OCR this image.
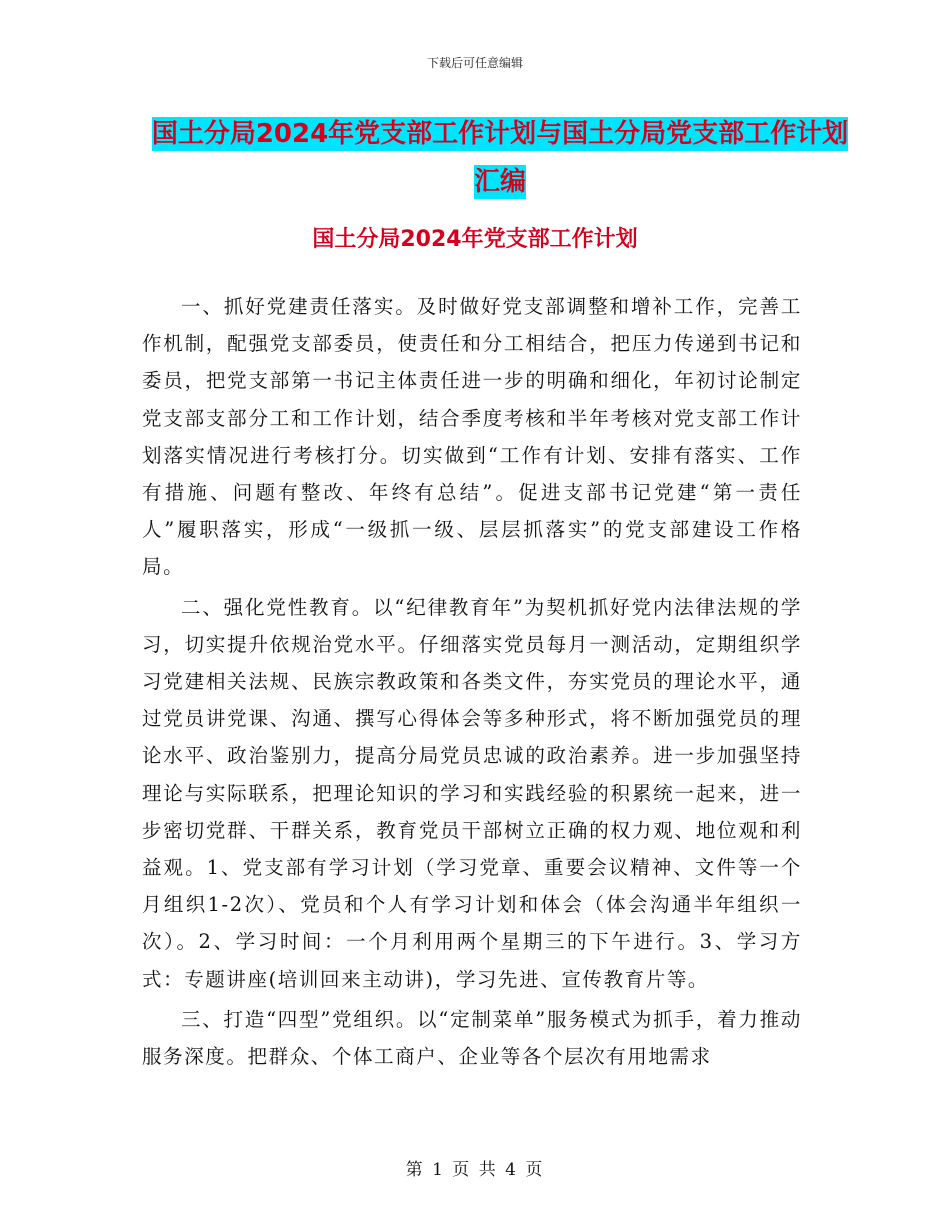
下载后可任意编辑
国土分局2024年党支部工作计划与国土分局党支部工作计划汇编
国土分局2024年党支部工作计划

一、抓好党建责任落实。及时做好党支部调整和增补工作，完善工作机制，配强党支部委员，使责任和分工相结合，把压力传递到书记和委员，把党支部第一书记主体责任进一步的明确和细化，年初讨论制定党支部支部分工和工作计划，结合季度考核和半年考核对党支部工作计划落实情况进行考核打分。切实做到“工作有计划、安排有落实、工作有措施、问题有整改、年终有总结”。促进支部书记党建“第一责任人”履职落实，形成“一级抓一级、层层抓落实”的党支部建设工作格局。

二、强化党性教育。以“纪律教育年”为契机抓好党内法律法规的学习，切实提升依规治党水平。仔细落实党员每月一测活动，定期组织学习党建相关法规、民族宗教政策和各类文件，夯实党员的理论水平，通过党员讲党课、沟通、撰写心得体会等多种形式，将不断加强党员的理论水平、政治鉴别力，提高分局党员忠诚的政治素养。进一步加强坚持理论与实际联系，把理论知识的学习和实践经验的积累统一起来，进一步密切党群、干群关系，教育党员干部树立正确的权力观、地位观和利益观。1、党支部有学习计划（学习党章、重要会议精神、文件等一个月组织1-2次）、党员和个人有学习计划和体会（体会沟通半年组织一次）。2、学习时间：一个月利用两个星期三的下午进行。3、学习方式：专题讲座(培训回来主动讲)，学习先进、宣传教育片等。

三、打造“四型”党组织。以“定制菜单”服务模式为抓手，着力推动服务深度。把群众、个体工商户、企业等各个层次有用地需求

第 1 页 共 4 页
